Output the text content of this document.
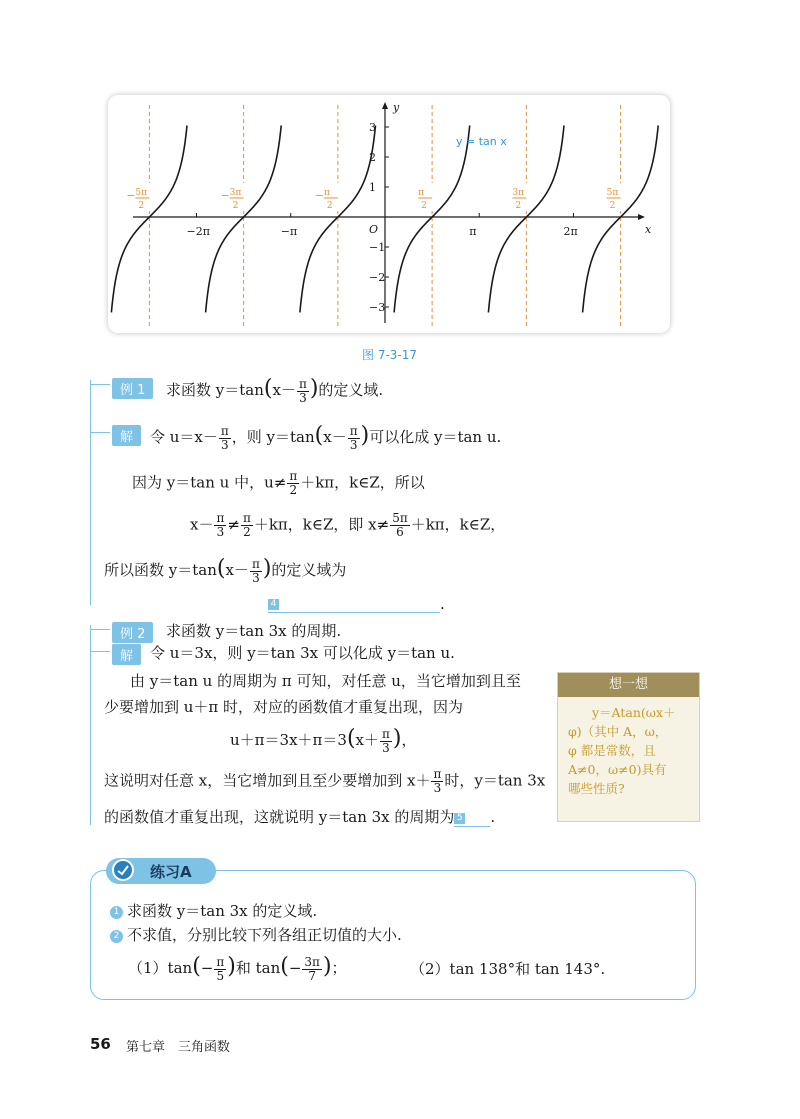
y
x
O
3
2
1
−1
−2
−3
−2π	−π	π	2π
− 5π
2
− 3π
2
− π
2
π
2
3π
2
5π
2
y = tan x
图 7-3-17
例 1	求函数 $y=\tan(x- \frac{\pi}{3}$ )的定义域.
解	令 $u=x- \frac{\pi}{3}$ ，则 $y=\tan(x- \frac{\pi}{3}$ )可以化成 y＝tan u.
因为 y＝tan u 中，$u\ne \frac{\pi}{2} +k\pi$，k∈Z，所以
$x- \frac{\pi}{3} \ne \frac{\pi}{2} +k\pi$，k∈Z，即 $x\ne \frac{5\pi}{6} +k\pi$，k∈Z，
所以函数 $y=\tan(x- \frac{\pi}{3}$ )的定义域为
4	.
例 2	求函数 y＝tan 3x 的周期.
解	令 u＝3x，则 y＝tan 3x 可以化成 y＝tan u.
由 y＝tan u 的周期为 π 可知，对任意 u，当它增加到且至
少要增加到 u＋π 时，对应的函数值才重复出现，因为
$u+\pi=3x+\pi=3(x+ \frac{\pi}{3}$ )，
这说明对任意 x，当它增加到且至少要增加到 $x+ \frac{\pi}{3}$ 时，y＝tan 3x
的函数值才重复出现，这就说明 y＝tan 3x 的周期为 5 .
想一想
y＝Atan(ωx＋
φ)（其中 A，ω，
φ 都是常数，且
A≠0，ω≠0)具有
哪些性质?
练习A
1 求函数 y＝tan 3x 的定义域.
2 不求值，分别比较下列各组正切值的大小.
$(1)\tan(- \frac{\pi}{5}$ )和 $\tan(- \frac{3\pi}{7}$ )；	（2）tan 138°和 tan 143°.
56 第七章　三角函数
